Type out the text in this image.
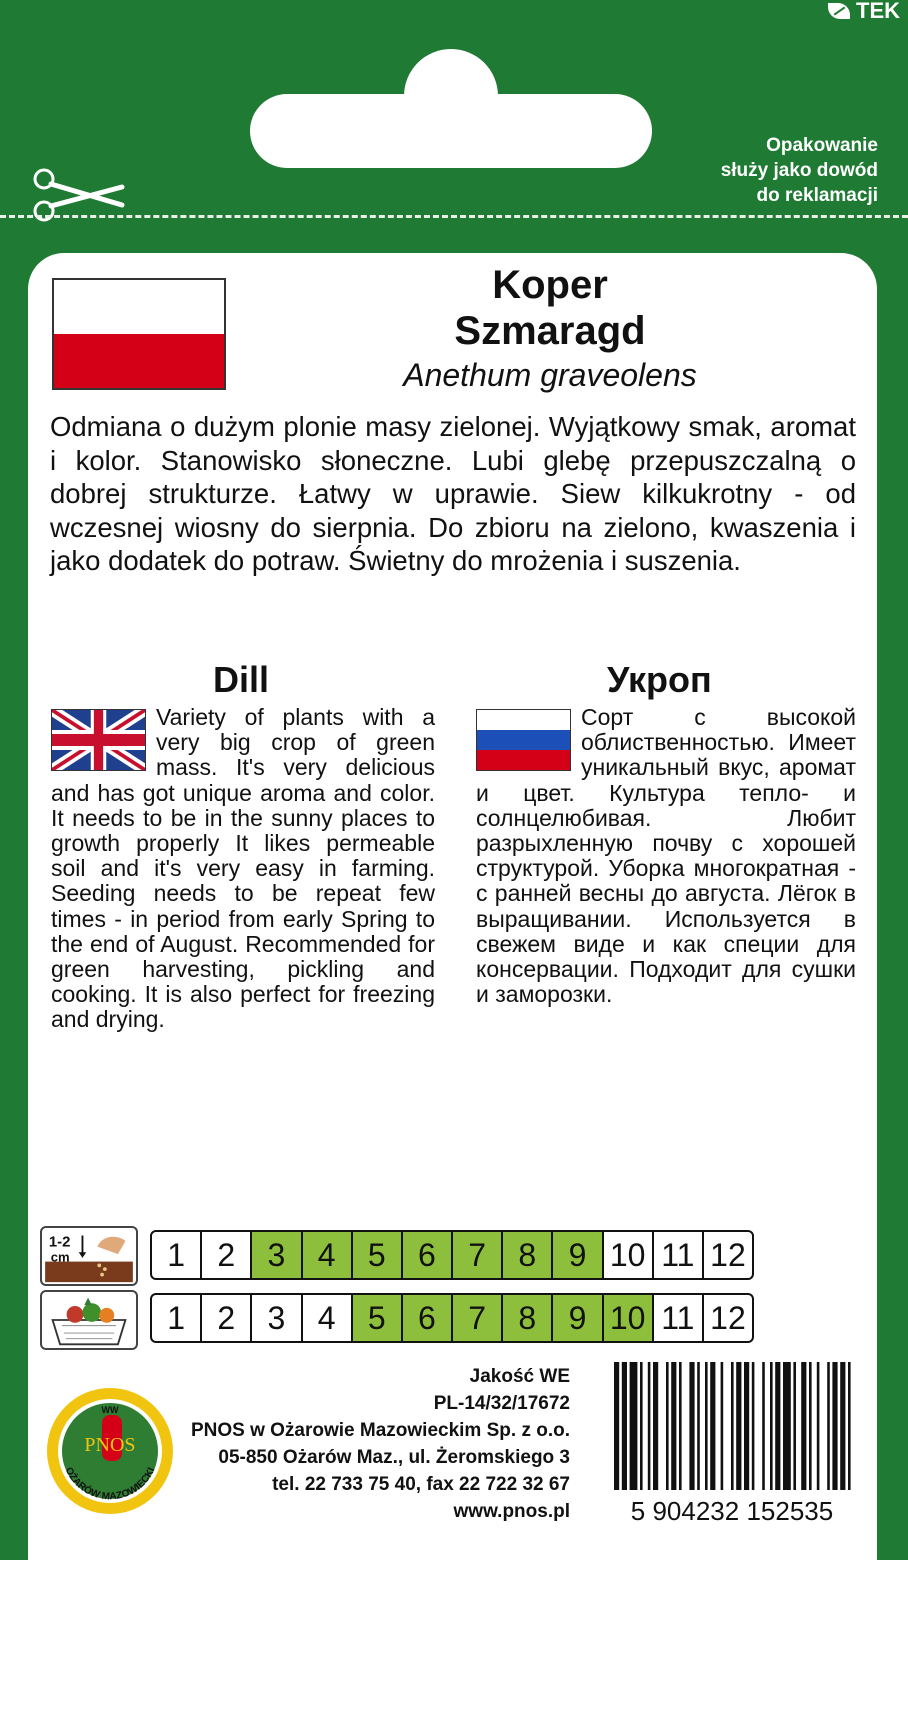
TEK
Opakowanie
służy jako dowód
do reklamacji
Koper
Szmaragd
Anethum graveolens
Odmiana o dużym plonie masy zielonej. Wyjątkowy smak, aromat i kolor. Stanowisko słoneczne. Lubi glebę przepuszczalną o dobrej strukturze. Łatwy w uprawie. Siew kilkukrotny - od wczesnej wiosny do sierpnia. Do zbioru na zielono, kwaszenia i jako dodatek do potraw. Świetny do mrożenia i suszenia.
Dill	Укроп
Variety of plants with a very big crop of green mass. It's very delicious and has got unique aroma and color. It needs to be in the sunny places to growth properly It likes permeable soil and it's very easy in farming. Seeding needs to be repeat few times - in period from early Spring to the end of August. Recommended for green harvesting, pickling and cooking. It is also perfect for freezing and drying.
Сорт с высокой облиственностью. Имеет уникальный вкус, аромат и цвет. Культура тепло- и солнцелюбивая. Любит разрыхленную почву с хорошей структурой. Уборка многократная - с ранней весны до августа. Лёгок в выращивании. Используется в свежем виде и как специи для консервации. Подходит для сушки и заморозки.
1-2
cm	1	2	3	4	5	6	7	8	9 10 11 12
1	2	3	4	5	6	7	8	9 10 11 12
OŻARÓW MAZOWIECKI
WW
PNOS
Jakość WE
PL-14/32/17672
PNOS w Ożarowie Mazowieckim Sp. z o.o.
05-850 Ożarów Maz., ul. Żeromskiego 3
tel. 22 733 75 40, fax 22 722 32 67
www.pnos.pl 5 904232 152535
